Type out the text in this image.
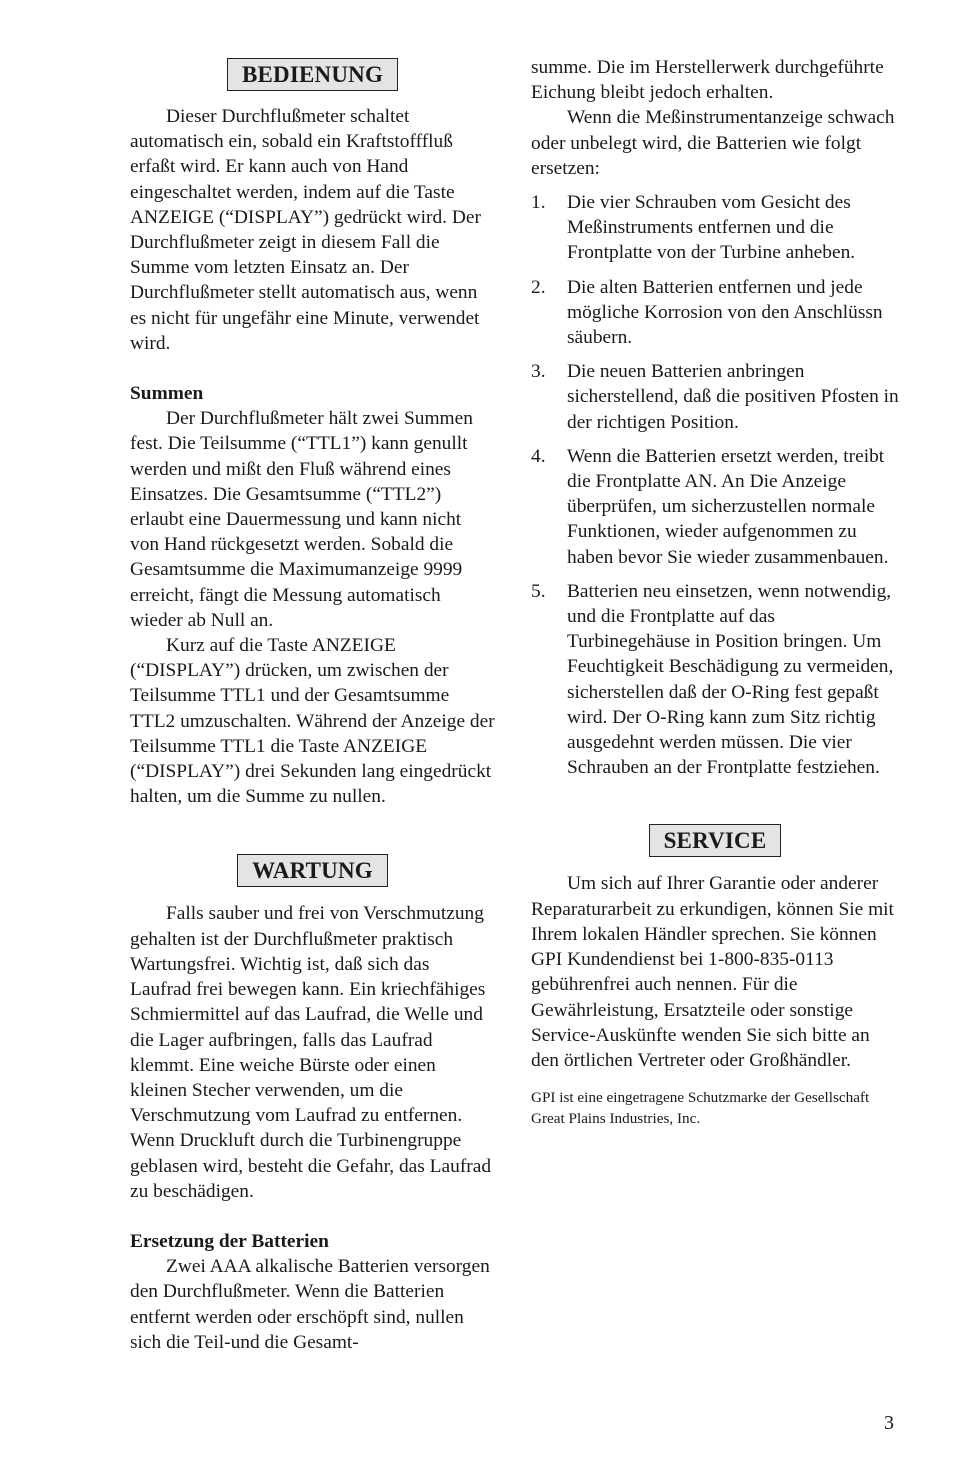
BEDIENUNG

Dieser Durchflußmeter schaltet automatisch ein, sobald ein Kraftstofffluß erfaßt wird. Er kann auch von Hand eingeschaltet werden, indem auf die Taste ANZEIGE (“DISPLAY”) gedrückt wird. Der Durchflußmeter zeigt in diesem Fall die Summe vom letzten Einsatz an. Der Durchflußmeter stellt automatisch aus, wenn es nicht für ungefähr eine Minute, verwendet wird.

Summen

Der Durchflußmeter hält zwei Summen fest. Die Teilsumme (“TTL1”) kann genullt werden und mißt den Fluß während eines Einsatzes. Die Gesamtsumme (“TTL2”) erlaubt eine Dauermessung und kann nicht von Hand rückgesetzt werden. Sobald die Gesamtsumme die Maximumanzeige 9999 erreicht, fängt die Messung automatisch wieder ab Null an.

Kurz auf die Taste ANZEIGE (“DISPLAY”) drücken, um zwischen der Teilsumme TTL1 und der Gesamtsumme TTL2 umzuschalten. Während der Anzeige der Teilsumme TTL1 die Taste ANZEIGE (“DISPLAY”) drei Sekunden lang eingedrückt halten, um die Summe zu nullen.

WARTUNG

Falls sauber und frei von Verschmutzung gehalten ist der Durchflußmeter praktisch Wartungsfrei. Wichtig ist, daß sich das Laufrad frei bewegen kann. Ein kriechfähiges Schmiermittel auf das Laufrad, die Welle und die Lager aufbringen, falls das Laufrad klemmt. Eine weiche Bürste oder einen kleinen Stecher verwenden, um die Verschmutzung vom Laufrad zu entfernen. Wenn Druckluft durch die Turbinengruppe geblasen wird, besteht die Gefahr, das Laufrad zu beschädigen.

Ersetzung der Batterien

Zwei AAA alkalische Batterien versorgen den Durchflußmeter. Wenn die Batterien entfernt werden oder erschöpft sind, nullen sich die Teil-und die Gesamt-

summe. Die im Herstellerwerk durchgeführte Eichung bleibt jedoch erhalten.

Wenn die Meßinstrumentanzeige schwach oder unbelegt wird, die Batterien wie folgt ersetzen:

1. Die vier Schrauben vom Gesicht des Meßinstruments entfernen und die Frontplatte von der Turbine anheben.
2. Die alten Batterien entfernen und jede mögliche Korrosion von den Anschlüssn säubern.
3. Die neuen Batterien anbringen sicherstellend, daß die positiven Pfosten in der richtigen Position.
4. Wenn die Batterien ersetzt werden, treibt die Frontplatte AN. An Die Anzeige überprüfen, um sicherzustellen normale Funktionen, wieder aufgenommen zu haben bevor Sie wieder zusammenbauen.
5. Batterien neu einsetzen, wenn notwendig, und die Frontplatte auf das Turbinegehäuse in Position bringen. Um Feuchtigkeit Beschädigung zu vermeiden, sicherstellen daß der O-Ring fest gepaßt wird. Der O-Ring kann zum Sitz richtig ausgedehnt werden müssen. Die vier Schrauben an der Frontplatte festziehen.
SERVICE

Um sich auf Ihrer Garantie oder anderer Reparaturarbeit zu erkundigen, können Sie mit Ihrem lokalen Händler sprechen. Sie können GPI Kundendienst bei 1-800-835-0113 gebührenfrei auch nennen. Für die Gewährleistung, Ersatzteile oder sonstige Service-Auskünfte wenden Sie sich bitte an den örtlichen Vertreter oder Großhändler.

GPI ist eine eingetragene Schutzmarke der Gesellschaft Great Plains Industries, Inc.

3
